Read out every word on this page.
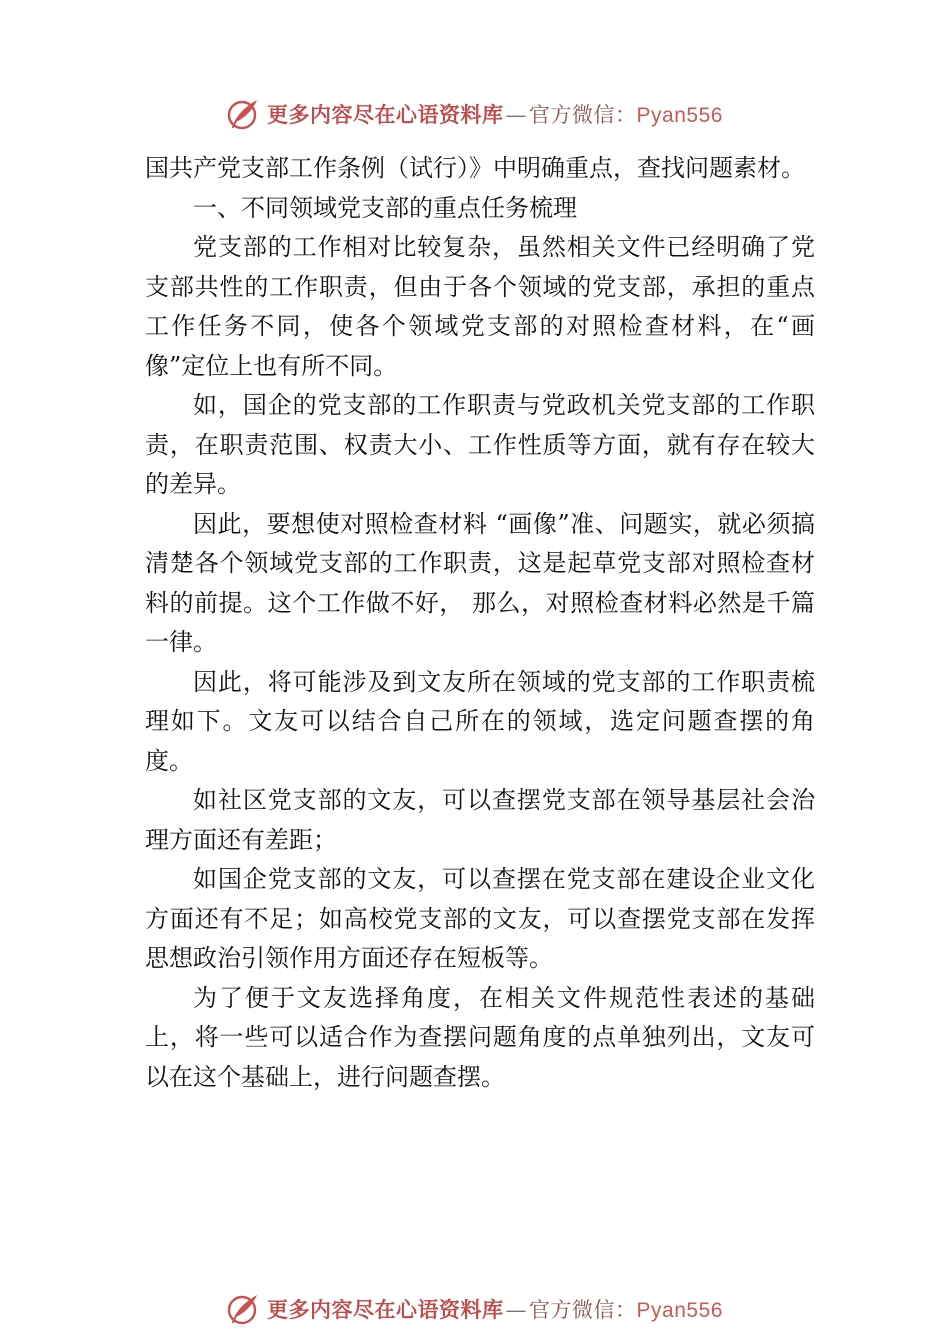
更多内容尽在心语资料库—官方微信：Pyan556

国共产党支部工作条例（试行）》中明确重点，查找问题素材。

一、不同领域党支部的重点任务梳理

党支部的工作相对比较复杂，虽然相关文件已经明确了党支部共性的工作职责，但由于各个领域的党支部，承担的重点工作任务不同，使各个领域党支部的对照检查材料，在“画像”定位上也有所不同。

如，国企的党支部的工作职责与党政机关党支部的工作职责，在职责范围、权责大小、工作性质等方面，就有存在较大的差异。

因此，要想使对照检查材料 “画像”准、问题实，就必须搞清楚各个领域党支部的工作职责，这是起草党支部对照检查材料的前提。这个工作做不好， 那么，对照检查材料必然是千篇一律。

因此，将可能涉及到文友所在领域的党支部的工作职责梳理如下。文友可以结合自己所在的领域，选定问题查摆的角度。

如社区党支部的文友，可以查摆党支部在领导基层社会治理方面还有差距；

如国企党支部的文友，可以查摆在党支部在建设企业文化方面还有不足；如高校党支部的文友，可以查摆党支部在发挥思想政治引领作用方面还存在短板等。

为了便于文友选择角度，在相关文件规范性表述的基础上，将一些可以适合作为查摆问题角度的点单独列出，文友可以在这个基础上，进行问题查摆。

更多内容尽在心语资料库—官方微信：Pyan556
